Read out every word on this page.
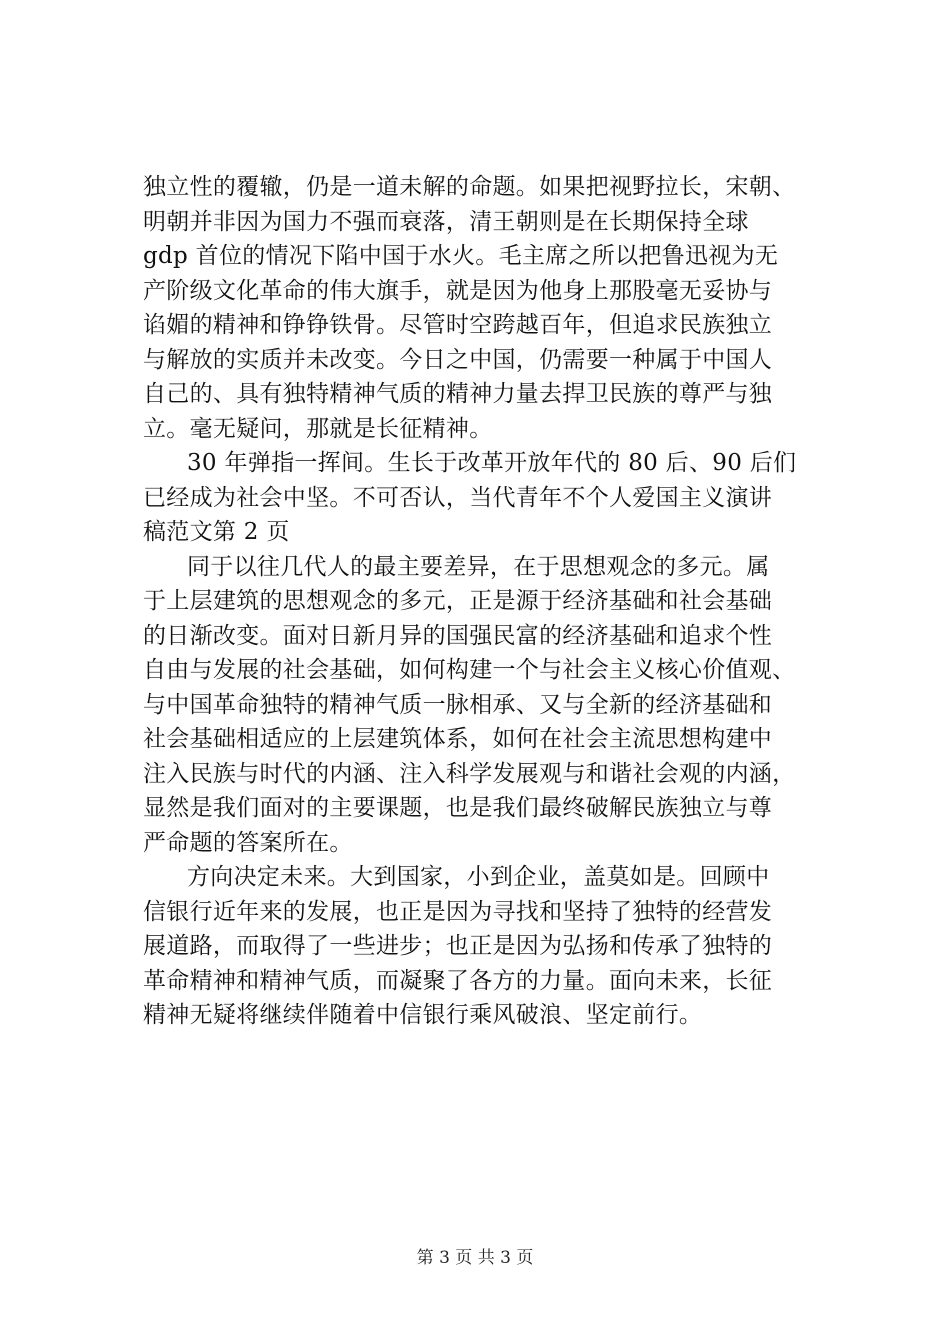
独立性的覆辙，仍是一道未解的命题。如果把视野拉长，宋朝、
明朝并非因为国力不强而衰落，清王朝则是在长期保持全球
gdp 首位的情况下陷中国于水火。毛主席之所以把鲁迅视为无
产阶级文化革命的伟大旗手，就是因为他身上那股毫无妥协与
谄媚的精神和铮铮铁骨。尽管时空跨越百年，但追求民族独立
与解放的实质并未改变。今日之中国，仍需要一种属于中国人
自己的、具有独特精神气质的精神力量去捍卫民族的尊严与独
立。毫无疑问，那就是长征精神。
30 年弹指一挥间。生长于改革开放年代的 80 后、90 后们
已经成为社会中坚。不可否认，当代青年不个人爱国主义演讲
稿范文第 2 页
同于以往几代人的最主要差异，在于思想观念的多元。属
于上层建筑的思想观念的多元，正是源于经济基础和社会基础
的日渐改变。面对日新月异的国强民富的经济基础和追求个性
自由与发展的社会基础，如何构建一个与社会主义核心价值观、
与中国革命独特的精神气质一脉相承、又与全新的经济基础和
社会基础相适应的上层建筑体系，如何在社会主流思想构建中
注入民族与时代的内涵、注入科学发展观与和谐社会观的内涵，
显然是我们面对的主要课题，也是我们最终破解民族独立与尊
严命题的答案所在。
方向决定未来。大到国家，小到企业，盖莫如是。回顾中
信银行近年来的发展，也正是因为寻找和坚持了独特的经营发
展道路，而取得了一些进步；也正是因为弘扬和传承了独特的
革命精神和精神气质，而凝聚了各方的力量。面向未来，长征
精神无疑将继续伴随着中信银行乘风破浪、坚定前行。
第 3 页 共 3 页
